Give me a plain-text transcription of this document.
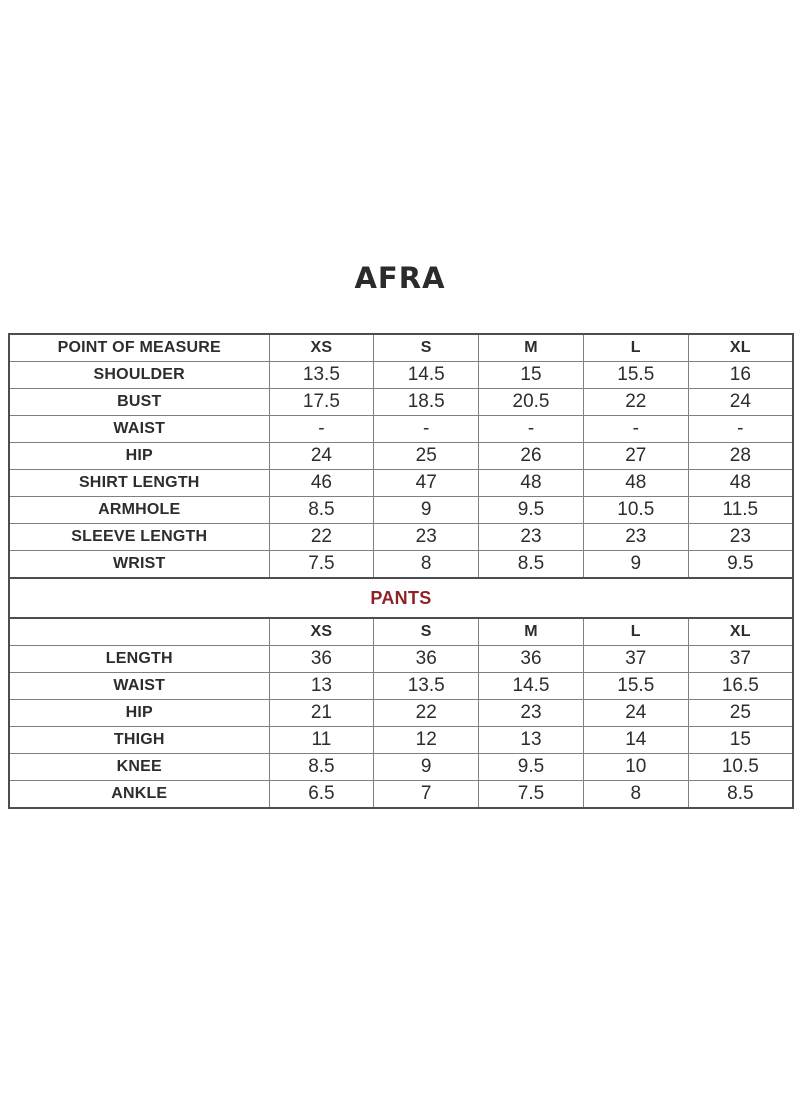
AFRA
POINT OF MEASURE	XS	S	M	L	XL
SHOULDER	13.5	14.5	15	15.5	16
BUST	17.5	18.5	20.5	22	24
WAIST	-	-	-	-	-
HIP	24	25	26	27	28
SHIRT LENGTH	46	47	48	48	48
ARMHOLE	8.5	9	9.5	10.5	11.5
SLEEVE LENGTH	22	23	23	23	23
WRIST	7.5	8	8.5	9	9.5
PANTS					
	XS	S	M	L	XL
LENGTH	36	36	36	37	37
WAIST	13	13.5	14.5	15.5	16.5
HIP	21	22	23	24	25
THIGH	11	12	13	14	15
KNEE	8.5	9	9.5	10	10.5
ANKLE	6.5	7	7.5	8	8.5
